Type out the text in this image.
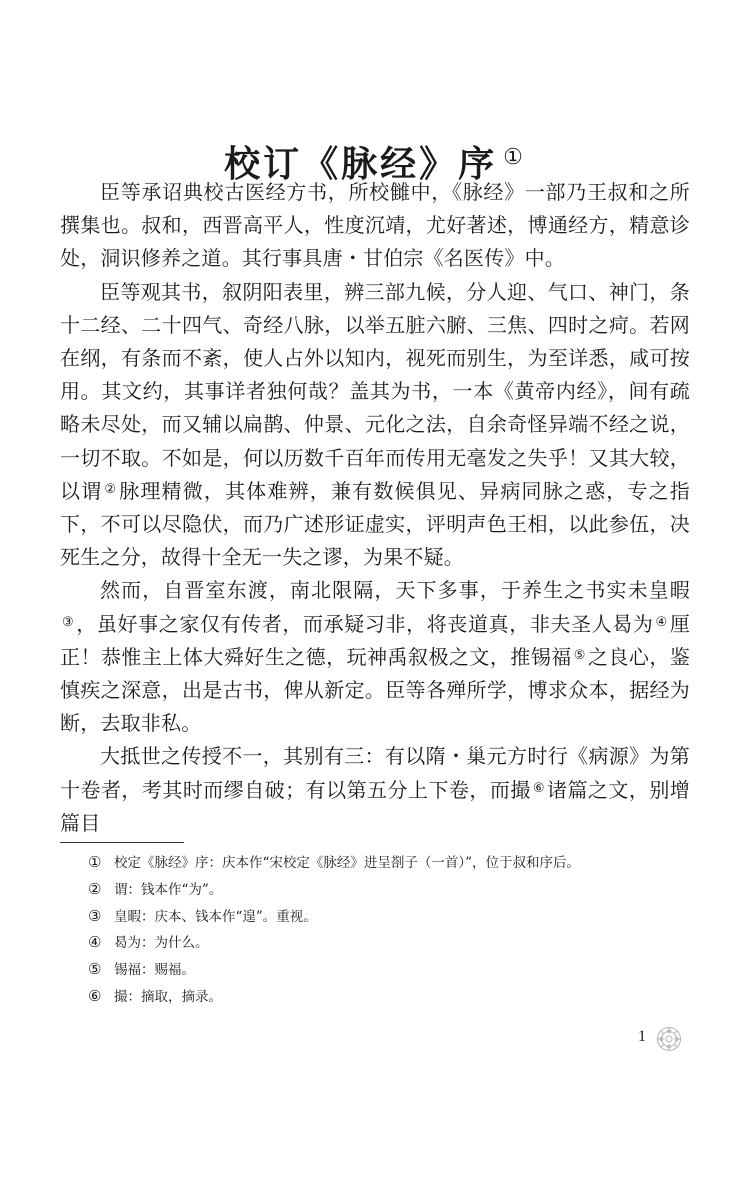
校订《脉经》序 ①

臣等承诏典校古医经方书，所校雠中，《脉经》一部乃王叔和之所撰集也。叔和，西晋高平人，性度沉靖，尤好著述，博通经方，精意诊处，洞识修养之道。其行事具唐・甘伯宗《名医传》中。

臣等观其书，叙阴阳表里，辨三部九候，分人迎、气口、神门，条十二经、二十四气、奇经八脉，以举五脏六腑、三焦、四时之疴。若网在纲，有条而不紊，使人占外以知内，视死而别生，为至详悉，咸可按用。其文约，其事详者独何哉？盖其为书，一本《黄帝内经》，间有疏略未尽处，而又辅以扁鹊、仲景、元化之法，自余奇怪异端不经之说，一切不取。不如是，何以历数千百年而传用无毫发之失乎！又其大较，以谓 ② 脉理精微，其体难辨，兼有数候俱见、异病同脉之惑，专之指下，不可以尽隐伏，而乃广述形证虚实，评明声色王相，以此参伍，决死生之分，故得十全无一失之谬，为果不疑。

然而，自晋室东渡，南北限隔，天下多事，于养生之书实未皇暇③ ，虽好事之家仅有传者，而承疑习非，将丧道真，非夫圣人曷为 ④ 厘正！恭惟主上体大舜好生之德，玩神禹叙极之文，推锡福 ⑤ 之良心，鉴慎疾之深意，出是古书，俾从新定。臣等各殚所学，博求众本，据经为断，去取非私。

大抵世之传授不一，其别有三：有以隋・巢元方时行《病源》为第十卷者，考其时而缪自破；有以第五分上下卷，而撮 ⑥ 诸篇之文，别增篇目

① 校定《脉经》序：庆本作“宋校定《脉经》进呈剳子（一首）”，位于叔和序后。
② 谓：钱本作“为”。
③ 皇暇：庆本、钱本作“遑”。重视。
④ 曷为：为什么。
⑤ 锡福：赐福。
⑥ 撮：摘取，摘录。
1
